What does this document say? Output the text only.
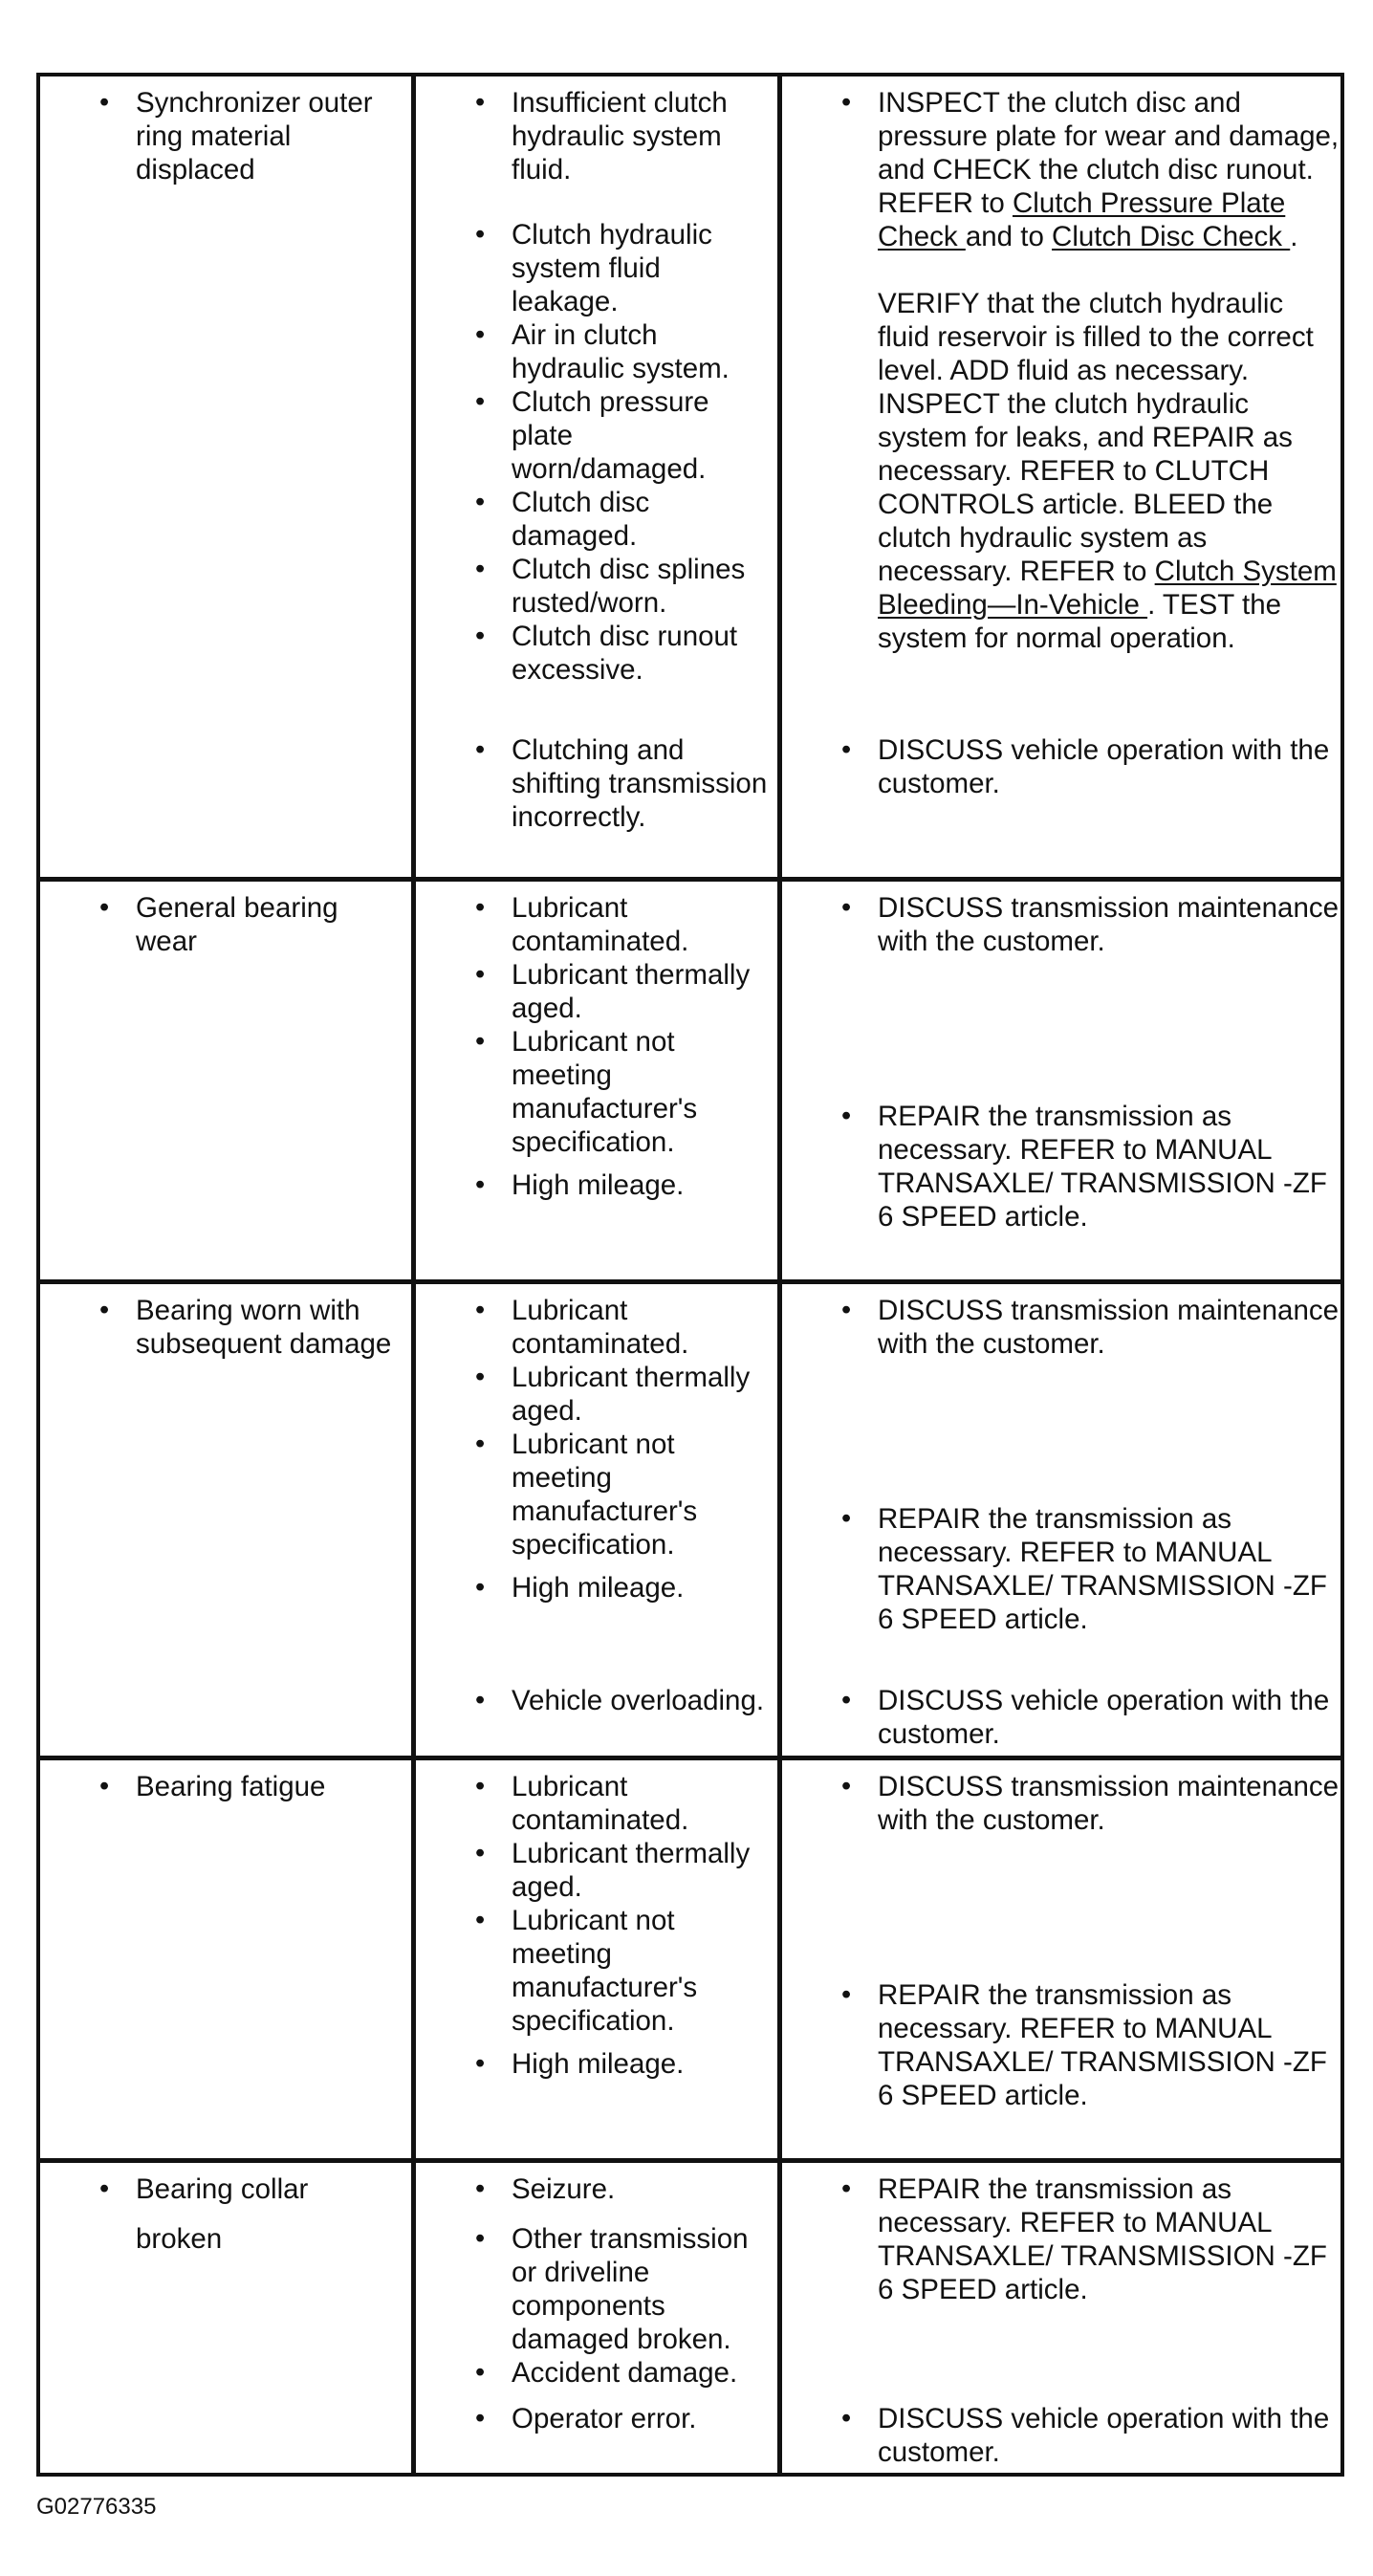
• Synchronizer outer ring material displaced

• Insufficient clutch hydraulic system fluid.

• Clutch hydraulic system fluid leakage.

• Air in clutch hydraulic system.

• Clutch pressure plate worn/damaged.

• Clutch disc damaged.

• Clutch disc splines rusted/worn.

• Clutch disc runout excessive.

• Clutching and shifting transmission incorrectly.

• INSPECT the clutch disc and pressure plate for wear and damage, and CHECK the clutch disc runout. REFER to Clutch Pressure Plate Check and to Clutch Disc Check .

VERIFY that the clutch hydraulic fluid reservoir is filled to the correct level. ADD fluid as necessary. INSPECT the clutch hydraulic system for leaks, and REPAIR as necessary. REFER to CLUTCH CONTROLS article. BLEED the clutch hydraulic system as necessary. REFER to Clutch System Bleeding—In-Vehicle . TEST the system for normal operation.

• DISCUSS vehicle operation with the customer.

• General bearing wear

• Lubricant contaminated.

• Lubricant thermally aged.

• Lubricant not meeting manufacturer's specification.

• High mileage.

• DISCUSS transmission maintenance with the customer.

• REPAIR the transmission as necessary. REFER to MANUAL TRANSAXLE/ TRANSMISSION -ZF 6 SPEED article.

• Bearing worn with subsequent damage

• Lubricant contaminated.

• Lubricant thermally aged.

• Lubricant not meeting manufacturer's specification.

• High mileage.

• Vehicle overloading.

• DISCUSS transmission maintenance with the customer.

• REPAIR the transmission as necessary. REFER to MANUAL TRANSAXLE/ TRANSMISSION -ZF 6 SPEED article.

• DISCUSS vehicle operation with the customer.

• Bearing fatigue

•	Lubricant contaminated.

• Lubricant thermally aged.

• Lubricant not meeting manufacturer's specification.

• High mileage.

• DISCUSS transmission maintenance with the customer.

• REPAIR the transmission as necessary. REFER to MANUAL TRANSAXLE/ TRANSMISSION -ZF 6 SPEED article.

• Bearing collar

broken

• Seizure.

• Other transmission or driveline components damaged broken.

• Accident damage.

• Operator error.

• REPAIR the transmission as necessary. REFER to MANUAL TRANSAXLE/ TRANSMISSION -ZF 6 SPEED article.

• DISCUSS vehicle operation with the customer.

G02776335
